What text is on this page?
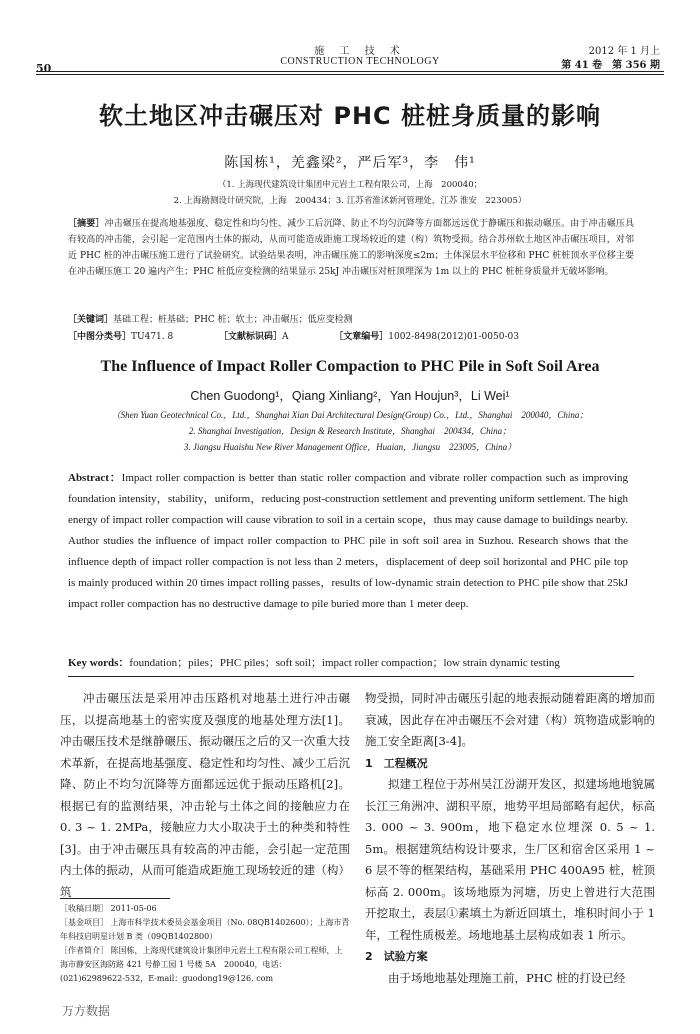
50
施 工 技 术
CONSTRUCTION TECHNOLOGY
2012 年 1 月上
第 41 卷　第 356 期
软土地区冲击碾压对 PHC 桩桩身质量的影响
陈国栋¹，羌鑫梁²，严后军³，李　伟¹
（1. 上海现代建筑设计集团申元岩土工程有限公司，上海　200040；
2. 上海勘测设计研究院，上海　200434；3. 江苏省淮沭新河管理处，江苏 淮安　223005）
［摘要］冲击碾压在提高地基强度、稳定性和均匀性、减少工后沉降、防止不均匀沉降等方面都远远优于静碾压和振动碾压。由于冲击碾压具有较高的冲击能，会引起一定范围内土体的振动，从而可能造成距施工现场较近的建（构）筑物受损。结合苏州软土地区冲击碾压项目，对邻近 PHC 桩的冲击碾压施工进行了试验研究。试验结果表明，冲击碾压施工的影响深度≤2m；土体深层水平位移和 PHC 桩桩顶水平位移主要在冲击碾压施工 20 遍内产生；PHC 桩低应变检测的结果显示 25kJ 冲击碾压对桩顶埋深为 1m 以上的 PHC 桩桩身质量并无破坏影响。
［关键词］基础工程；桩基础；PHC 桩；软土；冲击碾压；低应变检测
［中图分类号］TU471. 8	［文献标识码］A	［文章编号］1002-8498(2012)01-0050-03
The Influence of Impact Roller Compaction to PHC Pile in Soft Soil Area
Chen Guodong¹，Qiang Xinliang²，Yan Houjun³，Li Wei¹
（Shen Yuan Geotechnical Co.，Ltd.，Shanghai Xian Dai Architectural Design(Group) Co.，Ltd.，Shanghai　200040，China；
2. Shanghai Investigation，Design & Research Institute，Shanghai　200434，China；
3. Jiangsu Huaishu New River Management Office，Huaian，Jiangsu　223005，China）
Abstract：Impact roller compaction is better than static roller compaction and vibrate roller compaction such as improving foundation intensity，stability，uniform，reducing post-construction settlement and preventing uniform settlement. The high energy of impact roller compaction will cause vibration to soil in a certain scope，thus may cause damage to buildings nearby. Author studies the influence of impact roller compaction to PHC pile in soft soil area in Suzhou. Research shows that the influence depth of impact roller compaction is not less than 2 meters，displacement of deep soil horizontal and PHC pile top is mainly produced within 20 times impact rolling passes，results of low-dynamic strain detection to PHC pile show that 25kJ impact roller compaction has no destructive damage to pile buried more than 1 meter deep.
Key words：foundation；piles；PHC piles；soft soil；impact roller compaction；low strain dynamic testing

冲击碾压法是采用冲击压路机对地基土进行冲击碾压，以提高地基土的密实度及强度的地基处理方法[1]。冲击碾压技术是继静碾压、振动碾压之后的又一次重大技术革新，在提高地基强度、稳定性和均匀性、减少工后沉降、防止不均匀沉降等方面都远远优于振动压路机[2]。根据已有的监测结果，冲击轮与土体之间的接触应力在 0. 3 ~ 1. 2MPa，接触应力大小取决于土的种类和特性[3]。由于冲击碾压具有较高的冲击能，会引起一定范围内土体的振动，从而可能造成距施工现场较近的建（构）筑

物受损，同时冲击碾压引起的地表振动随着距离的增加而衰减，因此存在冲击碾压不会对建（构）筑物造成影响的施工安全距离[3-4]。

1　工程概况

拟建工程位于苏州吴江汾湖开发区，拟建场地地貌属长江三角洲冲、湖积平原，地势平坦局部略有起伏，标高 3. 000 ~ 3. 900m，地下稳定水位埋深 0. 5 ~ 1. 5m。根据建筑结构设计要求，生厂区和宿舍区采用 1 ~ 6 层不等的框架结构，基础采用 PHC 400A95 桩，桩顶标高 2. 000m。该场地原为河塘，历史上曾进行大范围开挖取土，表层①素填土为新近回填土，堆积时间小于 1 年，工程性质极差。场地地基土层构成如表 1 所示。

2　试验方案

由于场地地基处理施工前，PHC 桩的打设已经

［收稿日期］ 2011-05-06

［基金项目］ 上海市科学技术委员会基金项目（No. 08QB1402600）；上海市青年科技启明星计划 B 类（09QB1402800）

［作者简介］ 陈国栋，上海现代建筑设计集团申元岩土工程有限公司工程师，上海市静安区海防路 421 号静工园 1 号楼 5A　200040，电话：(021)62989622-532，E-mail：guodong19@126. com

万方数据
